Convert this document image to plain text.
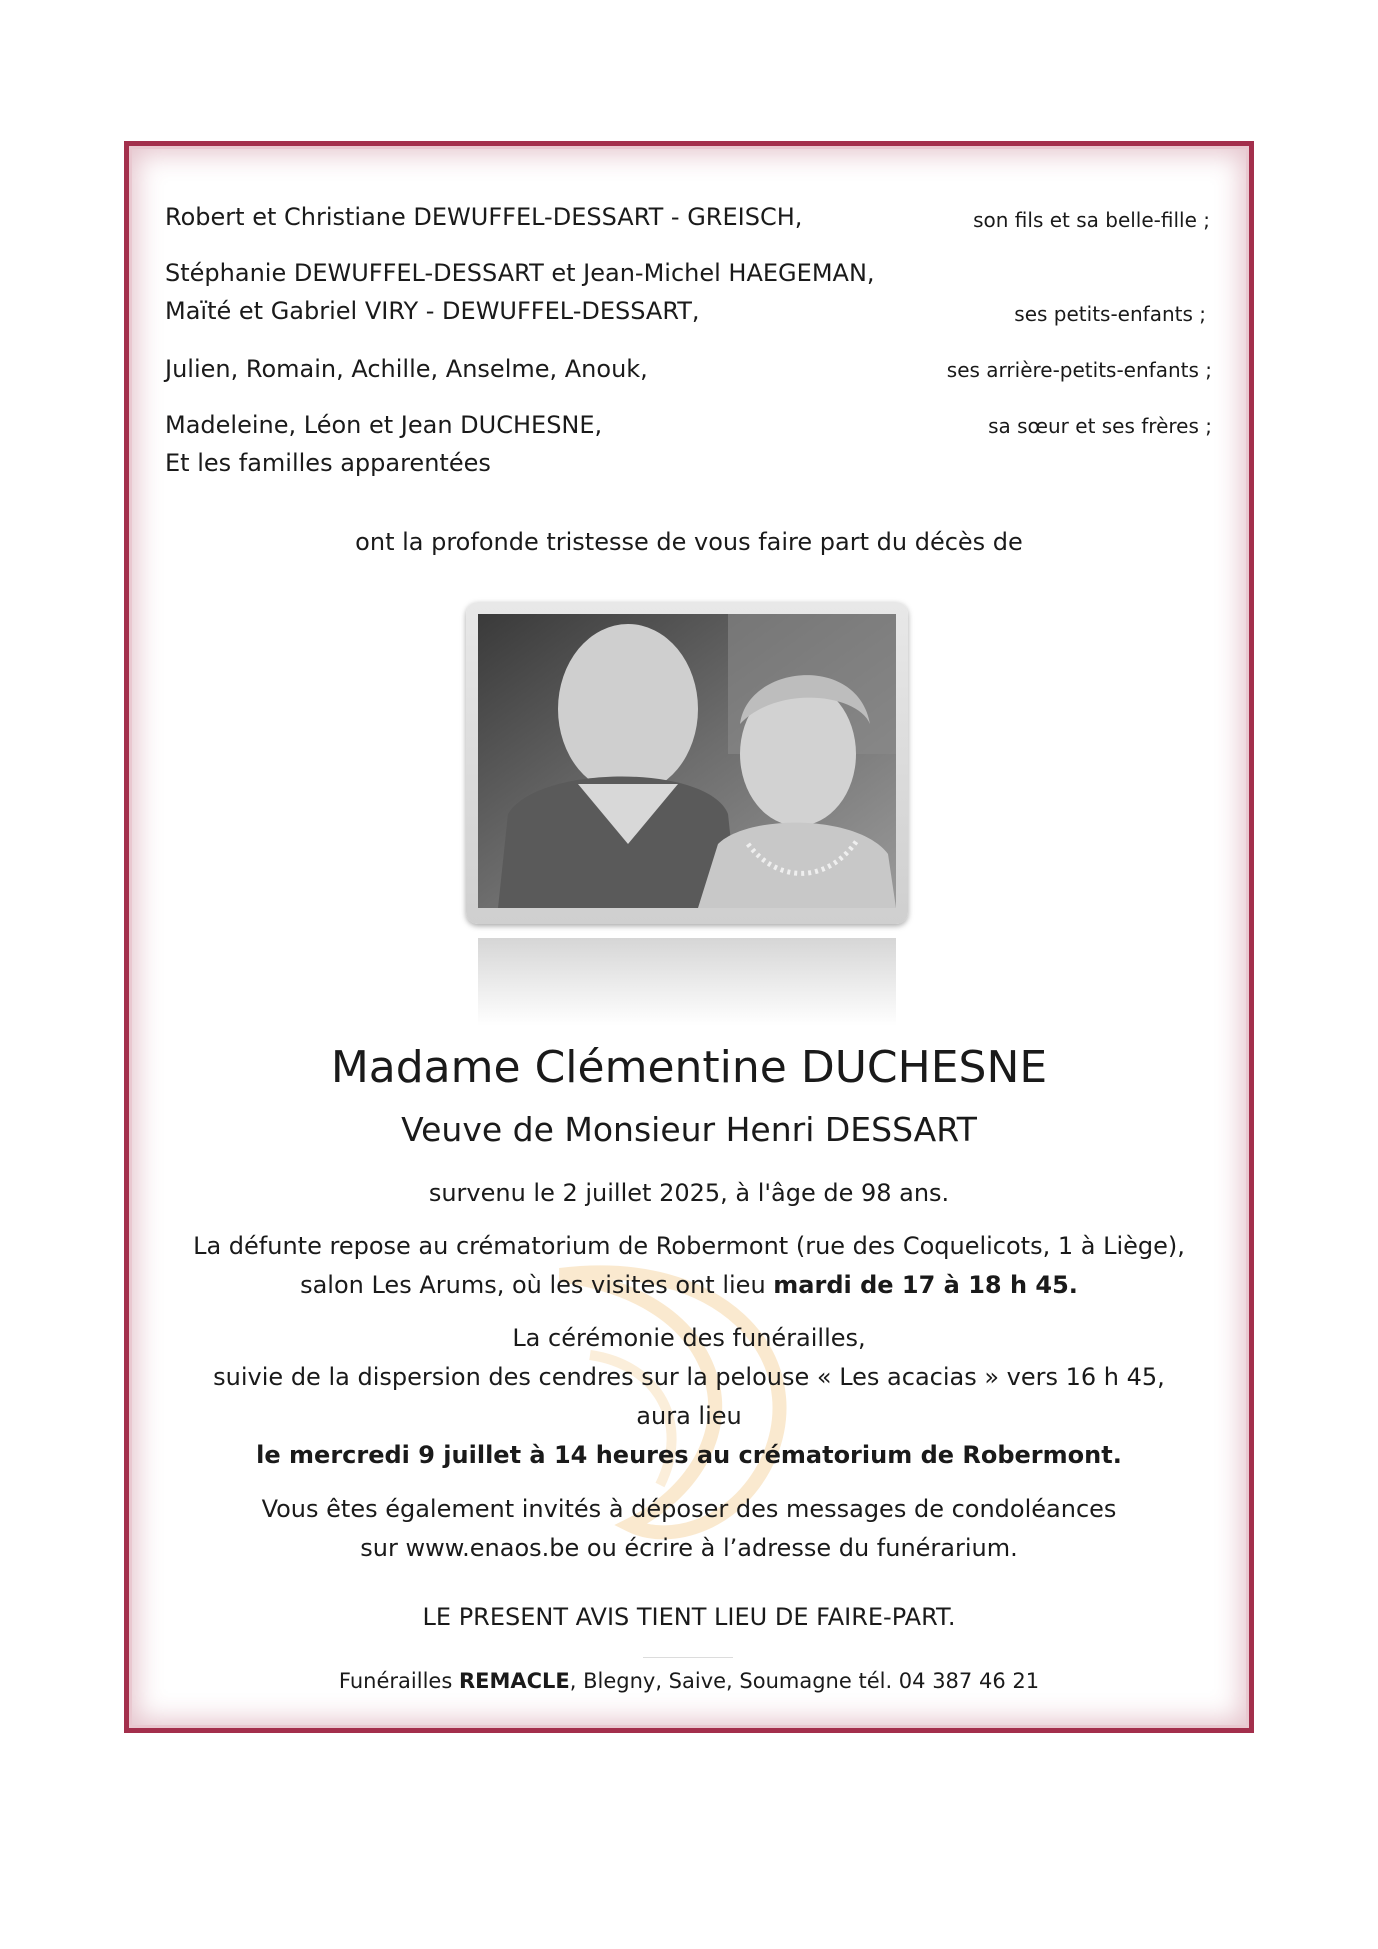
Robert et Christiane DEWUFFEL-DESSART - GREISCH,	son fils et sa belle-fille ;
Stéphanie DEWUFFEL-DESSART et Jean-Michel HAEGEMAN,
Maïté et Gabriel VIRY - DEWUFFEL-DESSART,	ses petits-enfants ;
Julien, Romain, Achille, Anselme, Anouk,	ses arrière-petits-enfants ;
Madeleine, Léon et Jean DUCHESNE,	sa sœur et ses frères ;
Et les familles apparentées
ont la profonde tristesse de vous faire part du décès de
Madame Clémentine DUCHESNE
Veuve de Monsieur Henri DESSART
survenu le 2 juillet 2025, à l'âge de 98 ans.
La défunte repose au crématorium de Robermont (rue des Coquelicots, 1 à Liège),
salon Les Arums, où les visites ont lieu mardi de 17 à 18 h 45.
La cérémonie des funérailles,
suivie de la dispersion des cendres sur la pelouse « Les acacias » vers 16 h 45,
aura lieu
le mercredi 9 juillet à 14 heures au crématorium de Robermont.
Vous êtes également invités à déposer des messages de condoléances
sur www.enaos.be ou écrire à l’adresse du funérarium.
LE PRESENT AVIS TIENT LIEU DE FAIRE-PART.
Funérailles REMACLE, Blegny, Saive, Soumagne tél. 04 387 46 21
